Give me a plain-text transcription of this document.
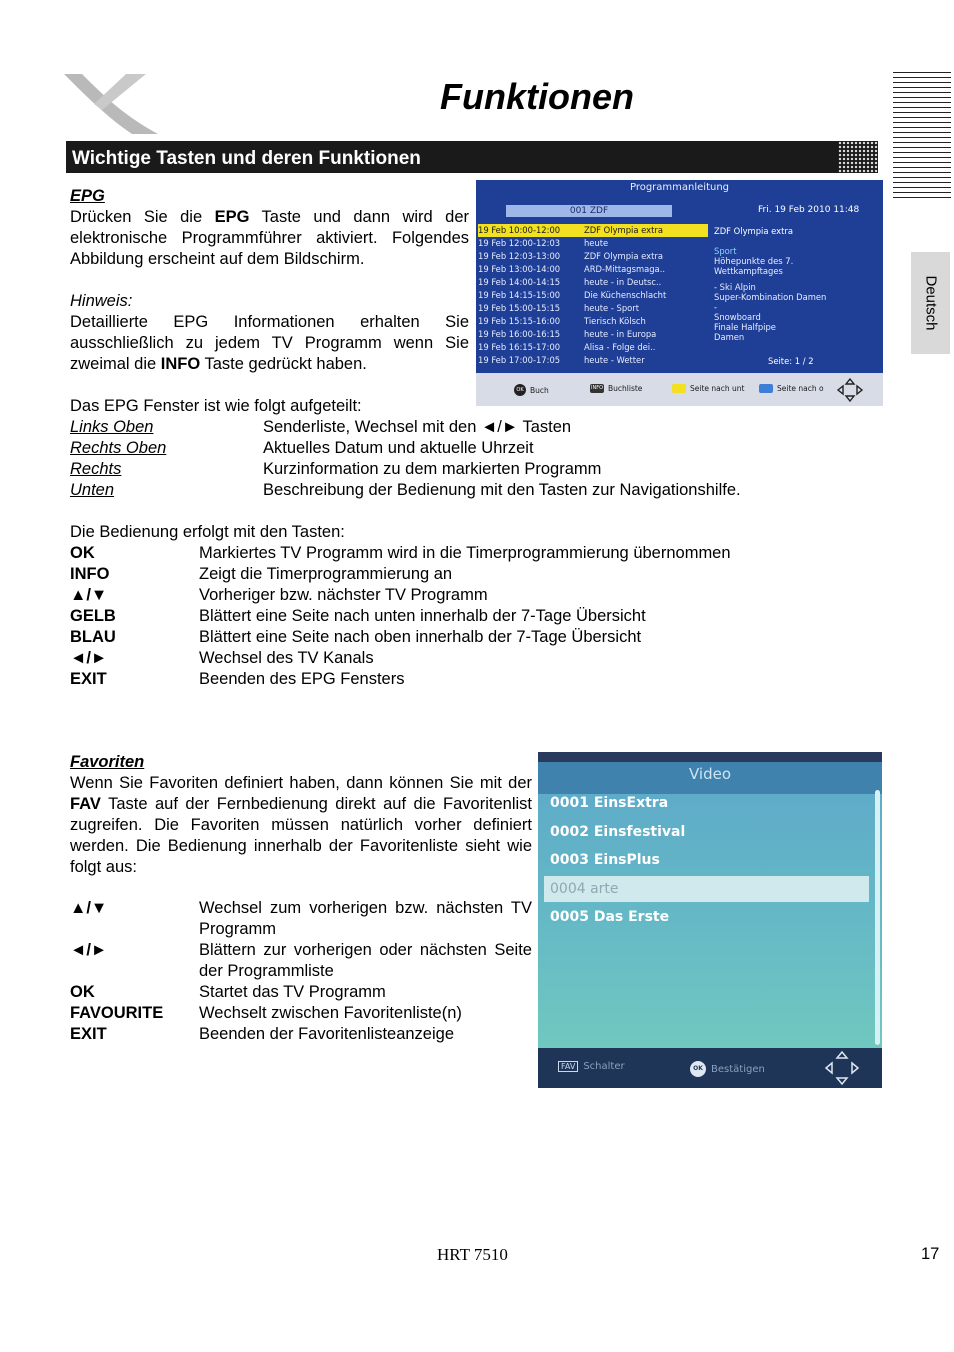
Funktionen
Deutsch
Wichtige Tasten und deren Funktionen
EPG
Drücken Sie die EPG Taste und dann wird der elektronische Programmführer aktiviert. Folgendes Abbildung erscheint auf dem Bildschirm.
Hinweis:
Detaillierte EPG Informationen erhalten Sie ausschließlich zu jedem TV Programm wenn Sie zweimal die INFO Taste gedrückt haben.
Programmanleitung
001 ZDF	Fri. 19 Feb 2010 11:48
19 Feb 10:00-12:00	ZDF Olympia extra
19 Feb 12:00-12:03	heute
19 Feb 12:03-13:00	ZDF Olympia extra
19 Feb 13:00-14:00	ARD-Mittagsmaga..
19 Feb 14:00-14:15	heute - in Deutsc..
19 Feb 14:15-15:00	Die Küchenschlacht
19 Feb 15:00-15:15	heute - Sport
19 Feb 15:15-16:00	Tierisch Kölsch
19 Feb 16:00-16:15	heute - in Europa
19 Feb 16:15-17:00	Alisa - Folge dei..
19 Feb 17:00-17:05	heute - Wetter
ZDF Olympia extra
Sport
Höhepunkte des 7.
Wettkampftages
- Ski Alpin
Super-Kombination Damen
-
Snowboard
Finale Halfpipe
Damen
Seite: 1 / 2
OK Buch	INFO Buchliste	Seite nach unt	Seite nach o
Das EPG Fenster ist wie folgt aufgeteilt:
Links Oben	Senderliste, Wechsel mit den ◄/► Tasten
Rechts Oben	Aktuelles Datum und aktuelle Uhrzeit
Rechts	Kurzinformation zu dem markierten Programm
Unten	Beschreibung der Bedienung mit den Tasten zur Navigationshilfe.
Die Bedienung erfolgt mit den Tasten:
OK	Markiertes TV Programm wird in die Timerprogrammierung übernommen
INFO	Zeigt die Timerprogrammierung an
▲/▼	Vorheriger bzw. nächster TV Programm
GELB	Blättert eine Seite nach unten innerhalb der 7-Tage Übersicht
BLAU	Blättert eine Seite nach oben innerhalb der 7-Tage Übersicht
◄/►	Wechsel des TV Kanals
EXIT	Beenden des EPG Fensters
Favoriten
Wenn Sie Favoriten definiert haben, dann können Sie mit der FAV Taste auf der Fernbedienung direkt auf die Favoritenlist zugreifen. Die Favoriten müssen natürlich vorher definiert werden. Die Bedienung innerhalb der Favoritenliste sieht wie folgt aus:
▲/▼	Wechsel zum vorherigen bzw. nächsten TV Programm
◄/►	Blättern zur vorherigen oder nächsten Seite der Programmliste
OK	Startet das TV Programm
FAVOURITE	Wechselt zwischen Favoritenliste(n)
EXIT	Beenden der Favoritenlisteanzeige
Video
0001 EinsExtra
0002 Einsfestival
0003 EinsPlus
0004 arte
0005 Das Erste
FAV Schalter	OK Bestätigen
HRT 7510	17
